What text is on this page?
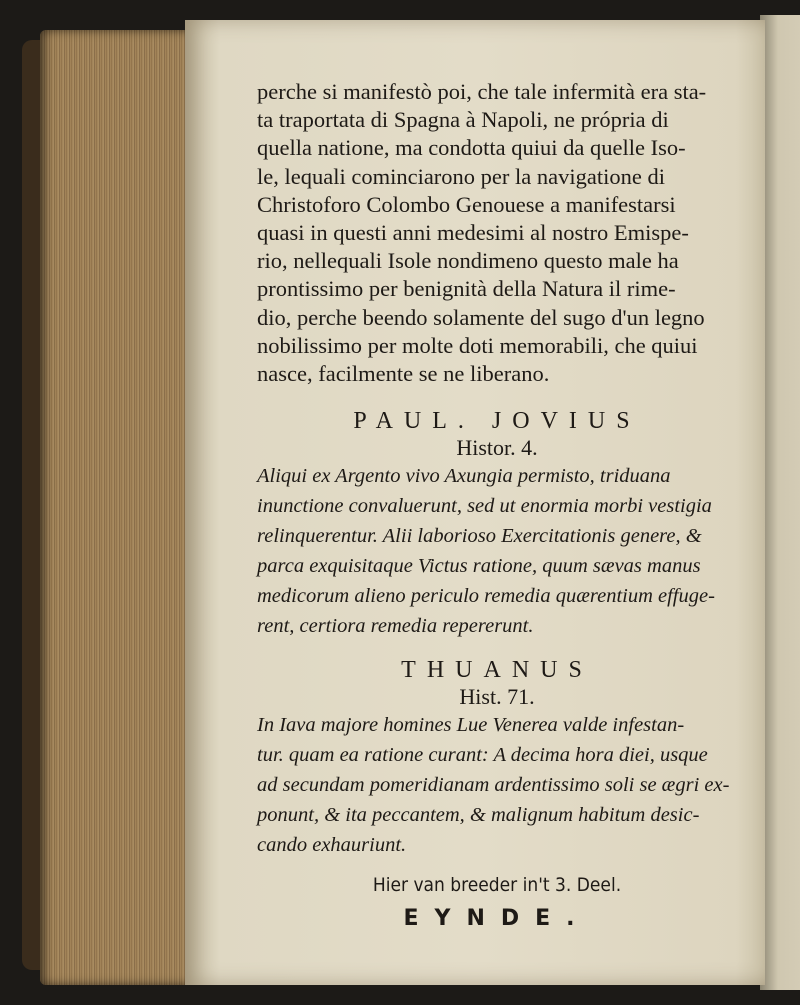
perche si manifestò poi, che tale infermità era sta-
ta traportata di Spagna à Napoli, ne própria di
quella natione, ma condotta quiui da quelle Iso-
le, lequali cominciarono per la navigatione di
Christoforo Colombo Genouese a manifestarsi
quasi in questi anni medesimi al nostro Emispe-
rio, nellequali Isole nondimeno questo male ha
prontissimo per benignità della Natura il rime-
dio, perche beendo solamente del sugo d'un legno
nobilissimo per molte doti memorabili, che quiui
nasce, facilmente se ne liberano.

PAUL. JOVIUS

Histor. 4.

Aliqui ex Argento vivo Axungia permisto, triduana
inunctione convaluerunt, sed ut enormia morbi vestigia
relinquerentur. Alii laborioso Exercitationis genere, &
parca exquisitaque Victus ratione, quum sævas manus
medicorum alieno periculo remedia quærentium effuge-
rent, certiora remedia repererunt.

THUANUS

Hist. 71.

In Iava majore homines Lue Venerea valde infestan-
tur. quam ea ratione curant: A decima hora diei, usque
ad secundam pomeridianam ardentissimo soli se ægri ex-
ponunt, & ita peccantem, & malignum habitum desic-
cando exhauriunt.

Hier van breeder in't 3. Deel.

EYNDE.
